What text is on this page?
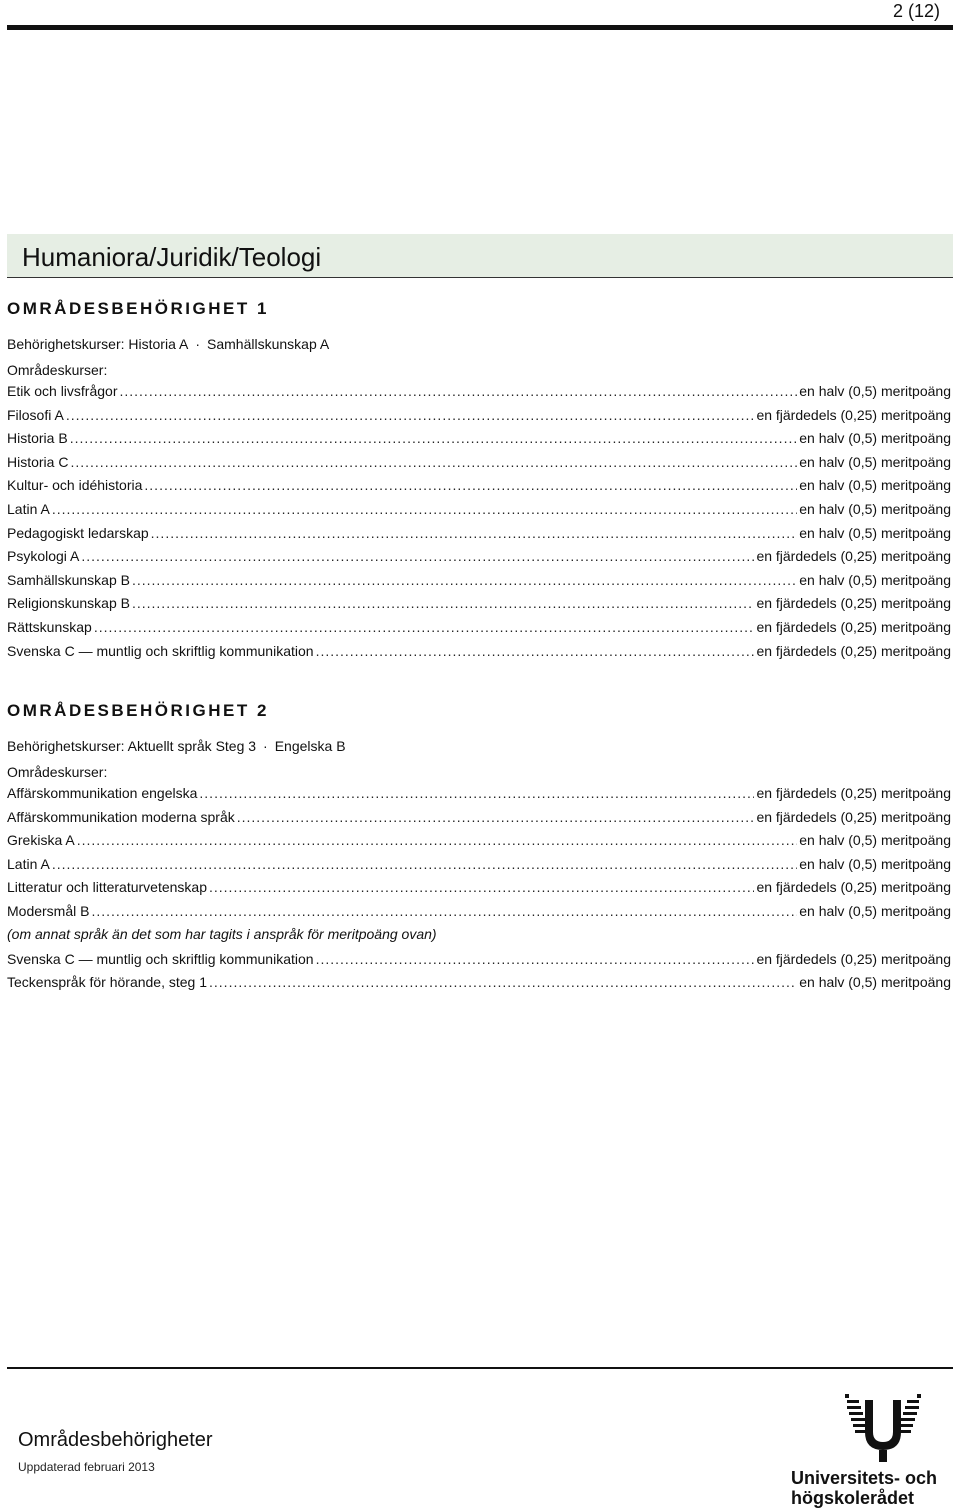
2 (12)
Humaniora/Juridik/Teologi
OMRÅDESBEHÖRIGHET 1
Behörighetskurser: Historia A · Samhällskunskap A
Områdeskurser:
Etik och livsfrågor .....	en halv (0,5) meritpoäng
Filosofi A .....	en fjärdedels (0,25) meritpoäng
Historia B .....	en halv (0,5) meritpoäng
Historia C .....	en halv (0,5) meritpoäng
Kultur- och idéhistoria .....	en halv (0,5) meritpoäng
Latin A .....	en halv (0,5) meritpoäng
Pedagogiskt ledarskap .....	en halv (0,5) meritpoäng
Psykologi A .....	en fjärdedels (0,25) meritpoäng
Samhällskunskap B .....	en halv (0,5) meritpoäng
Religionskunskap B .....	en fjärdedels (0,25) meritpoäng
Rättskunskap .....	en fjärdedels (0,25) meritpoäng
Svenska C — muntlig och skriftlig kommunikation .....	en fjärdedels (0,25) meritpoäng
OMRÅDESBEHÖRIGHET 2
Behörighetskurser: Aktuellt språk Steg 3 · Engelska B
Områdeskurser:
Affärskommunikation engelska .....	en fjärdedels (0,25) meritpoäng
Affärskommunikation moderna språk .....	en fjärdedels (0,25) meritpoäng
Grekiska A .....	en halv (0,5) meritpoäng
Latin A .....	en halv (0,5) meritpoäng
Litteratur och litteraturvetenskap .....	en fjärdedels (0,25) meritpoäng
Modersmål B .....	en halv (0,5) meritpoäng

(om annat språk än det som har tagits i anspråk för meritpoäng ovan)

Svenska C — muntlig och skriftlig kommunikation .....	en fjärdedels (0,25) meritpoäng
Teckenspråk för hörande, steg 1 .....	en halv (0,5) meritpoäng
Områdesbehörigheter
Uppdaterad februari 2013
Universitets- och
högskolerådet
